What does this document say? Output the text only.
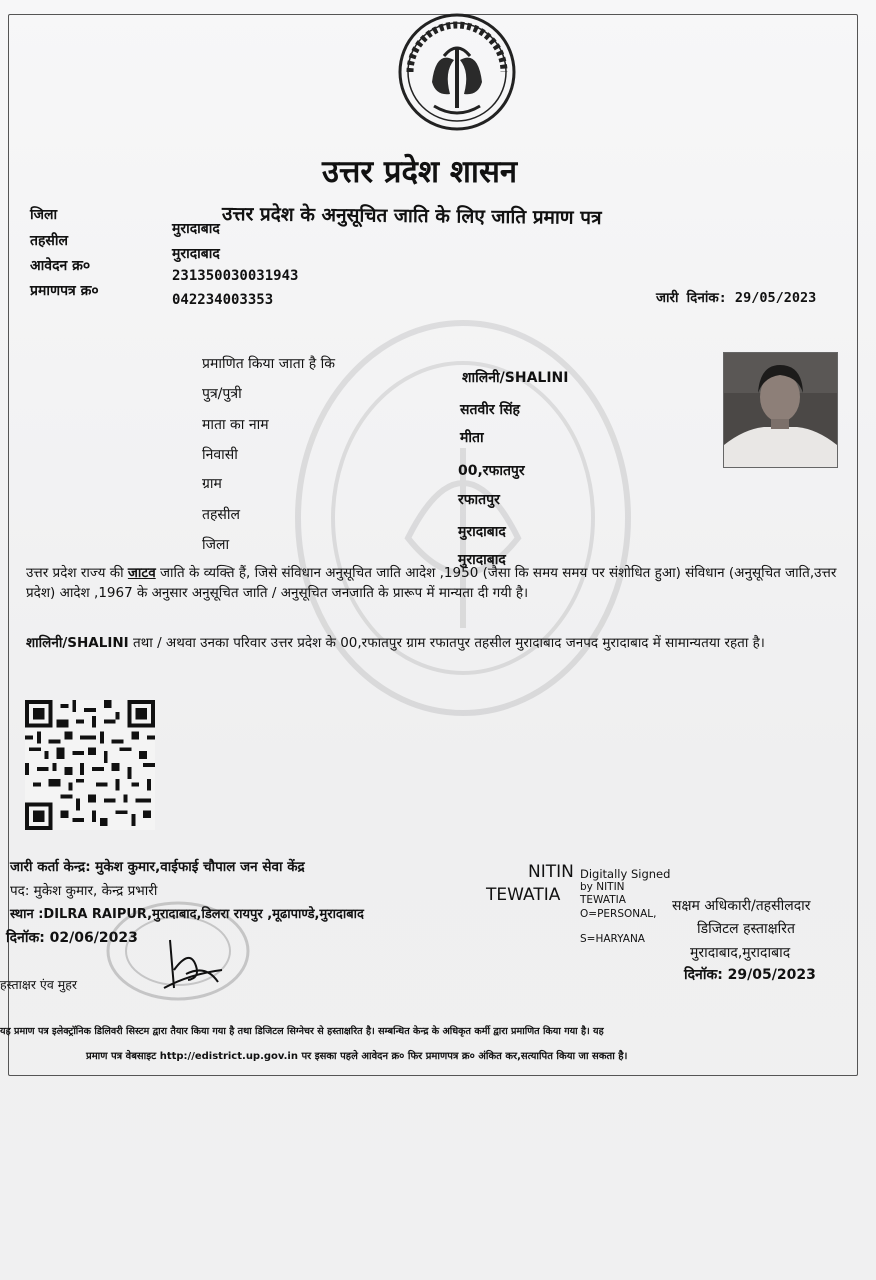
उत्तर प्रदेश शासन
उत्तर प्रदेश के अनुसूचित जाति के लिए जाति प्रमाण पत्र
जिला
मुरादाबाद
तहसील
मुरादाबाद
आवेदन क्र०
231350030031943
प्रमाणपत्र क्र०
042234003353	जारी दिनांक: 29/05/2023
प्रमाणित किया जाता है कि
शालिनी/SHALINI
पुत्र/पुत्री
सतवीर सिंह
माता का नाम
मीता
निवासी
00,रफातपुर
ग्राम
रफातपुर
तहसील
मुरादाबाद
जिला
मुरादाबाद
उत्तर प्रदेश राज्य की जाटव जाति के व्यक्ति हैं, जिसे संविधान अनुसूचित जाति आदेश ,1950 (जैसा कि समय समय पर संशोधित हुआ) संविधान (अनुसूचित जाति,उत्तर प्रदेश) आदेश ,1967 के अनुसार अनुसूचित जाति / अनुसूचित जनजाति के प्रारूप में मान्यता दी गयी है।
शालिनी/SHALINI तथा / अथवा उनका परिवार उत्तर प्रदेश के 00,रफातपुर ग्राम रफातपुर तहसील मुरादाबाद जनपद मुरादाबाद में सामान्यतया रहता है।
जारी कर्ता केन्द्र: मुकेश कुमार,वाईफाई चौपाल जन सेवा केंद्र
पद: मुकेश कुमार, केन्द्र प्रभारी
स्थान :DILRA RAIPUR,मुरादाबाद,डिलरा रायपुर ,मूढापाण्डे,मुरादाबाद
दिनॉक: 02/06/2023
हस्ताक्षर एंव मुहर
NITIN
TEWATIA
Digitally Signed
by NITIN
TEWATIA
O=PERSONAL,
S=HARYANA
सक्षम अधिकारी/तहसीलदार
डिजिटल हस्ताक्षरित
मुरादाबाद,मुरादाबाद
दिनॉक: 29/05/2023
यह प्रमाण पत्र इलेक्ट्रॉनिक डिलिवरी सिस्टम द्वारा तैयार किया गया है तथा डिजिटल सिग्नेचर से हस्ताक्षरित है। सम्बन्धित केन्द्र के अधिकृत कर्मी द्वारा प्रमाणित किया गया है। यह
प्रमाण पत्र वेबसाइट http://edistrict.up.gov.in पर इसका पहले आवेदन क्र० फिर प्रमाणपत्र क्र० अंकित कर,सत्यापित किया जा सकता है।
